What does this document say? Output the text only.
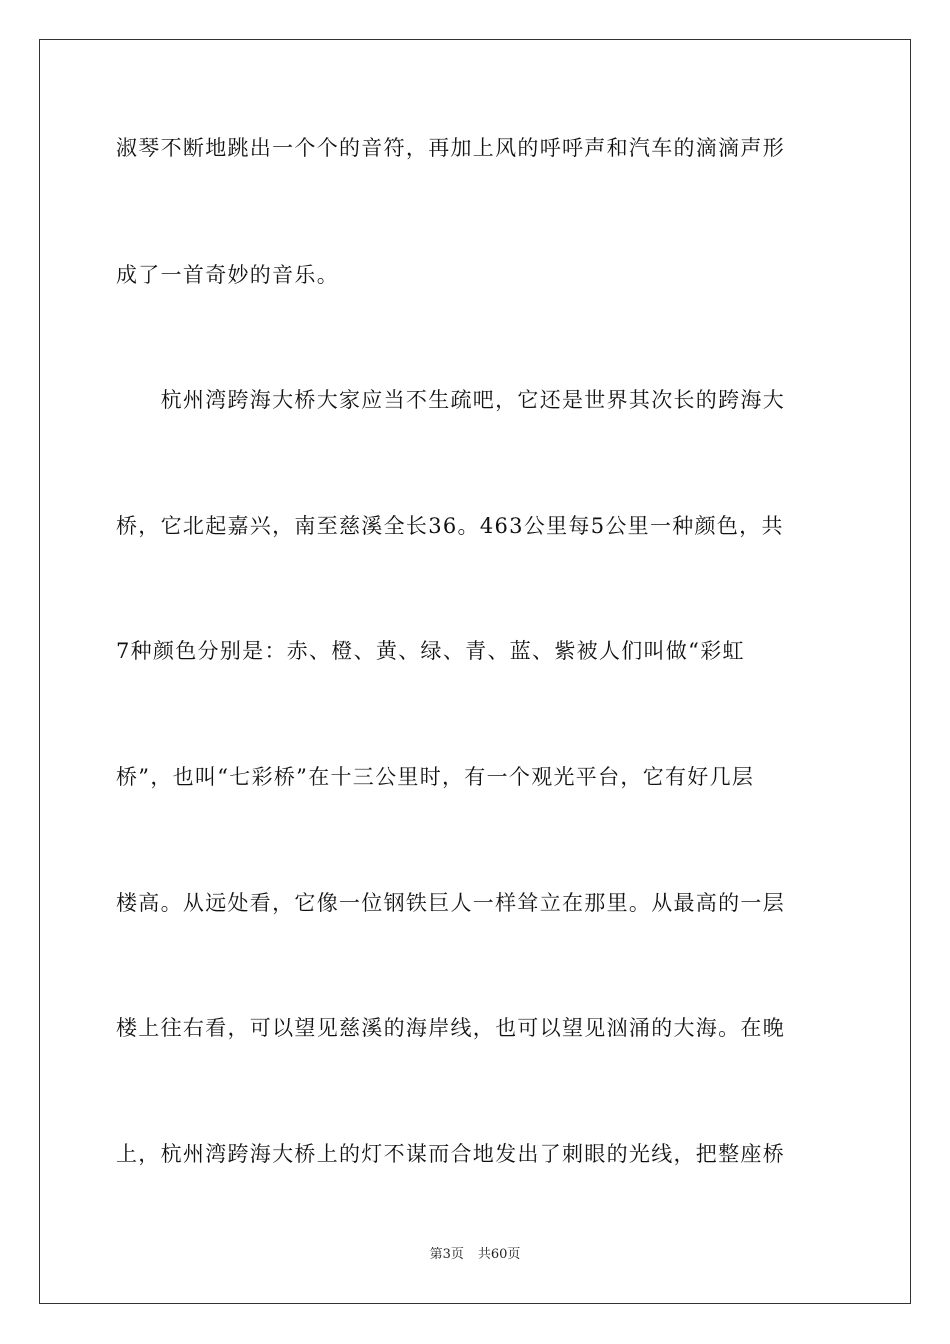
淑琴不断地跳出一个个的音符，再加上风的呼呼声和汽车的滴滴声形
成了一首奇妙的音乐。
　　杭州湾跨海大桥大家应当不生疏吧，它还是世界其次长的跨海大
桥，它北起嘉兴，南至慈溪全长36。463公里每5公里一种颜色，共
7种颜色分别是：赤、橙、黄、绿、青、蓝、紫被人们叫做“彩虹
桥”，也叫“七彩桥”在十三公里时，有一个观光平台，它有好几层
楼高。从远处看，它像一位钢铁巨人一样耸立在那里。从最高的一层
楼上往右看，可以望见慈溪的海岸线，也可以望见汹涌的大海。在晚
上，杭州湾跨海大桥上的灯不谋而合地发出了刺眼的光线，把整座桥
第3页 共60页
